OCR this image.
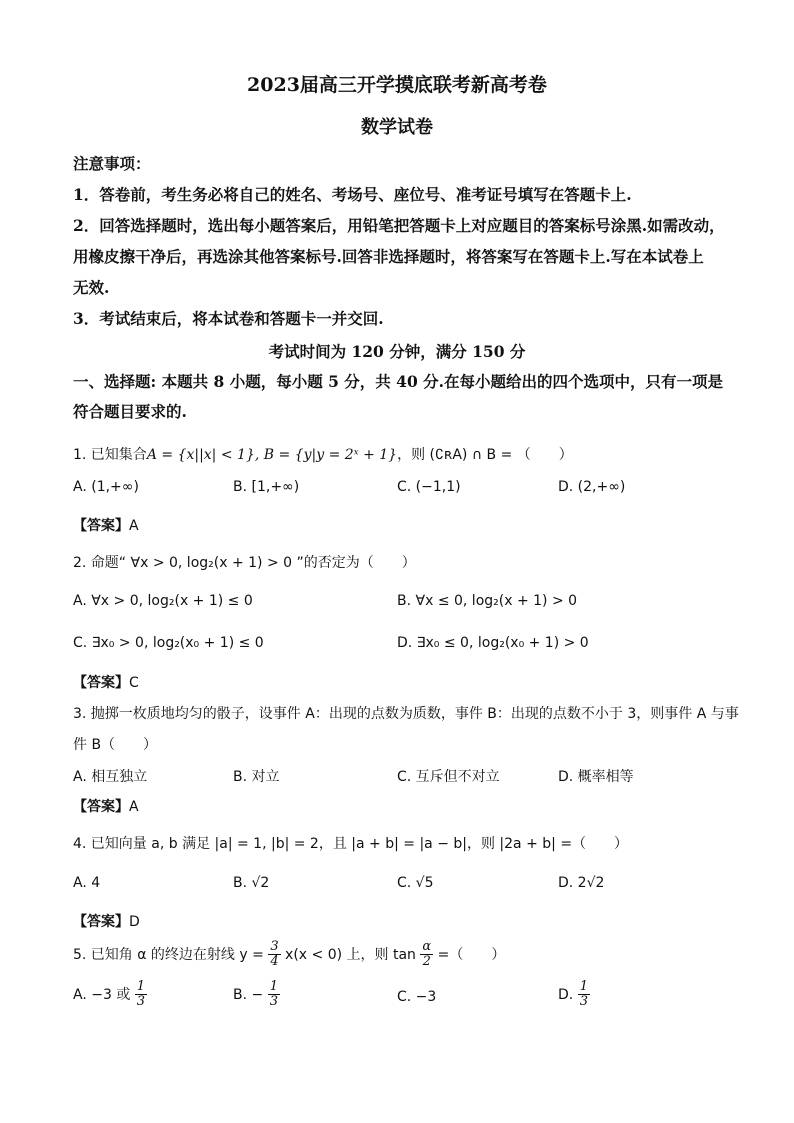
2023届高三开学摸底联考新高考卷
数学试卷
注意事项：
1．答卷前，考生务必将自己的姓名、考场号、座位号、准考证号填写在答题卡上.
2．回答选择题时，选出每小题答案后，用铅笔把答题卡上对应题目的答案标号涂黑.如需改动，
用橡皮擦干净后，再选涂其他答案标号.回答非选择题时，将答案写在答题卡上.写在本试卷上
无效.
3．考试结束后，将本试卷和答题卡一并交回.
考试时间为 120 分钟，满分 150 分
一、选择题: 本题共 8 小题，每小题 5 分，共 40 分.在每小题给出的四个选项中，只有一项是
符合题目要求的.
1. 已知集合A = {x||x| < 1}, B = {y|y = 2ˣ + 1}，则 (∁ʀA) ∩ B = （　　）
A. (1,+∞)	B. [1,+∞)	C. (−1,1)	D. (2,+∞)
【答案】A
2. 命题“ ∀x > 0, log₂(x + 1) > 0 ”的否定为（　　）
A. ∀x > 0, log₂(x + 1) ≤ 0	B. ∀x ≤ 0, log₂(x + 1) > 0
C. ∃x₀ > 0, log₂(x₀ + 1) ≤ 0	D. ∃x₀ ≤ 0, log₂(x₀ + 1) > 0
【答案】C
3. 抛掷一枚质地均匀的骰子，设事件 A：出现的点数为质数，事件 B：出现的点数不小于 3，则事件 A 与事
件 B（　　）
A. 相互独立	B. 对立	C. 互斥但不对立	D. 概率相等
【答案】A
4. 已知向量 a, b 满足 |a| = 1, |b| = 2，且 |a + b| = |a − b|，则 |2a + b| =（　　）
A. 4	B. √2	C. √5	D. 2√2
【答案】D
5. 已知角 α 的终边在射线 $y = \frac{3}{4} x(x < 0)$ 上，则 $\tan \frac{\alpha}{2}$ =（　　）
A. −3 或 $\frac{1}{3}$	B. − $\frac{1}{3}$	C. −3	D. $\frac{1}{3}$
